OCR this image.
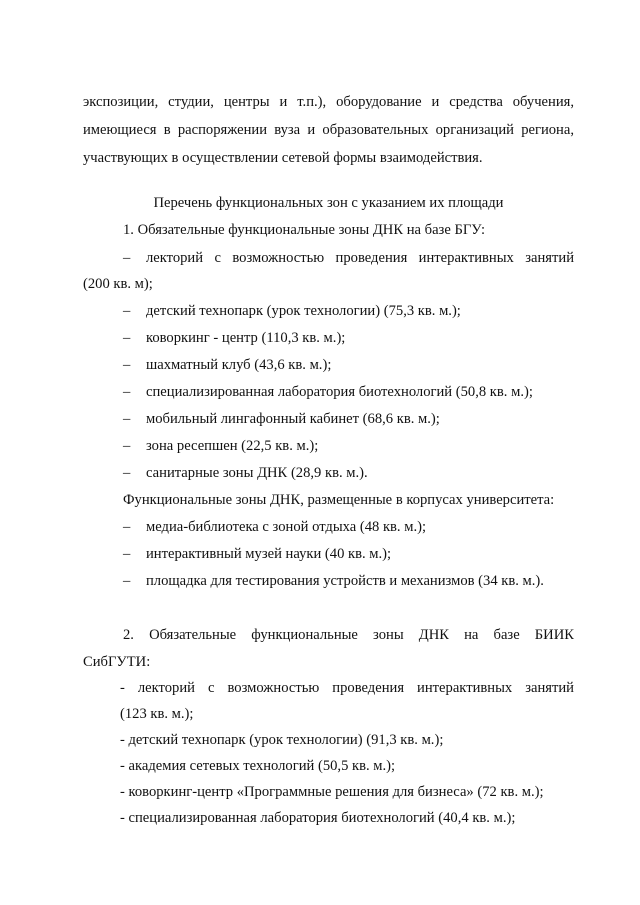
экспозиции, студии, центры и т.п.), оборудование и средства обучения,
имеющиеся в распоряжении вуза и образовательных организаций региона,
участвующих в осуществлении сетевой формы взаимодействия.
Перечень функциональных зон с указанием их площади
1. Обязательные функциональные зоны ДНК на базе БГУ:
–	лекторий с возможностью проведения интерактивных занятий
(200 кв. м);
–	детский технопарк (урок технологии) (75,3 кв. м.);
–	коворкинг - центр (110,3 кв. м.);
–	шахматный клуб (43,6 кв. м.);
–	специализированная лаборатория биотехнологий (50,8 кв. м.);
–	мобильный лингафонный кабинет (68,6 кв. м.);
–	зона ресепшен (22,5 кв. м.);
–	санитарные зоны ДНК (28,9 кв. м.).
Функциональные зоны ДНК, размещенные в корпусах университета:
–	медиа-библиотека с зоной отдыха (48 кв. м.);
–	интерактивный музей науки (40 кв. м.);
–	площадка для тестирования устройств и механизмов (34 кв. м.).
2. Обязательные функциональные зоны ДНК на базе БИИК
СибГУТИ:
- лекторий с возможностью проведения интерактивных занятий
(123 кв. м.);
- детский технопарк (урок технологии) (91,3 кв. м.);
- академия сетевых технологий (50,5 кв. м.);
- коворкинг-центр «Программные решения для бизнеса» (72 кв. м.);
- специализированная лаборатория биотехнологий (40,4 кв. м.);
